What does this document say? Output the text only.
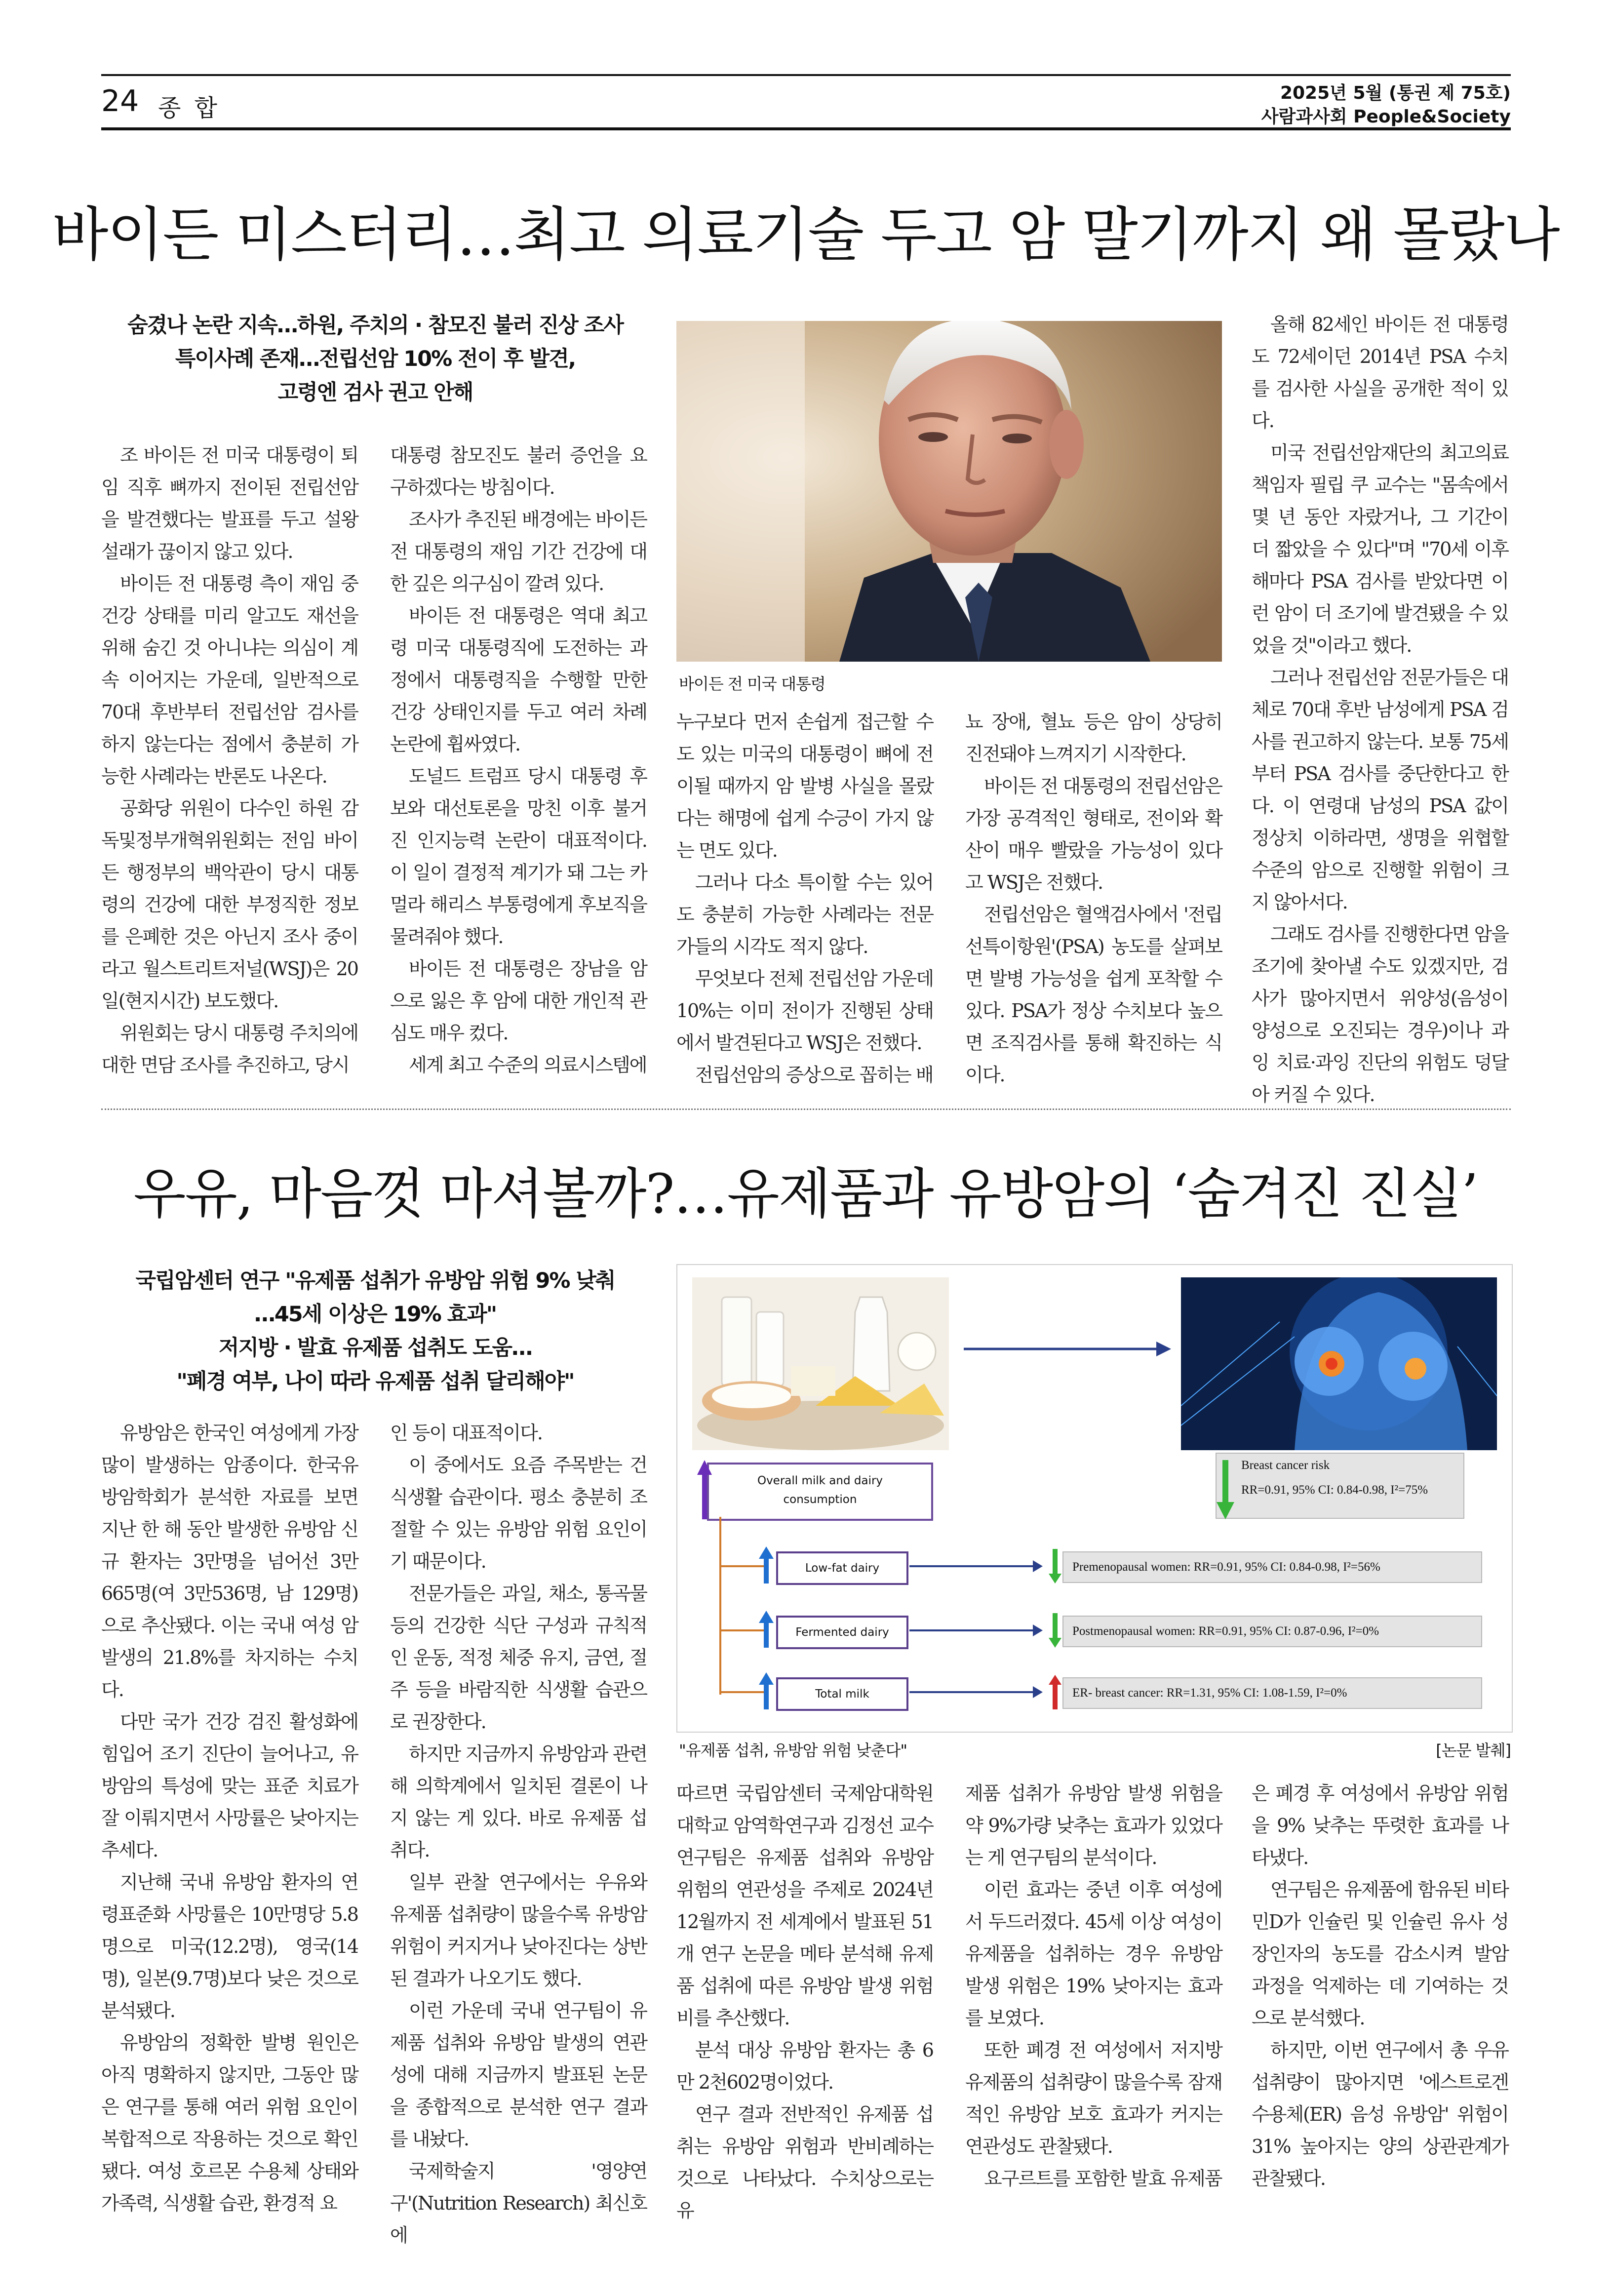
24 종 합
2025년 5월 (통권 제 75호)
사람과사회 People&Society
바이든 미스터리…최고 의료기술 두고 암 말기까지 왜 몰랐나
숨겼나 논란 지속…하원, 주치의 · 참모진 불러 진상 조사
특이사례 존재…전립선암 10% 전이 후 발견,
고령엔 검사 권고 안해
바이든 전 미국 대통령

조 바이든 전 미국 대통령이 퇴임 직후 뼈까지 전이된 전립선암을 발견했다는 발표를 두고 설왕설래가 끊이지 않고 있다.

바이든 전 대통령 측이 재임 중 건강 상태를 미리 알고도 재선을 위해 숨긴 것 아니냐는 의심이 계속 이어지는 가운데, 일반적으로 70대 후반부터 전립선암 검사를 하지 않는다는 점에서 충분히 가능한 사례라는 반론도 나온다.

공화당 위원이 다수인 하원 감독및정부개혁위원회는 전임 바이든 행정부의 백악관이 당시 대통령의 건강에 대한 부정직한 정보를 은폐한 것은 아닌지 조사 중이라고 월스트리트저널(WSJ)은 20일(현지시간) 보도했다.

위원회는 당시 대통령 주치의에 대한 면담 조사를 추진하고, 당시

대통령 참모진도 불러 증언을 요구하겠다는 방침이다.

조사가 추진된 배경에는 바이든 전 대통령의 재임 기간 건강에 대한 깊은 의구심이 깔려 있다.

바이든 전 대통령은 역대 최고령 미국 대통령직에 도전하는 과정에서 대통령직을 수행할 만한 건강 상태인지를 두고 여러 차례 논란에 휩싸였다.

도널드 트럼프 당시 대통령 후보와 대선토론을 망친 이후 불거진 인지능력 논란이 대표적이다. 이 일이 결정적 계기가 돼 그는 카멀라 해리스 부통령에게 후보직을 물려줘야 했다.

바이든 전 대통령은 장남을 암으로 잃은 후 암에 대한 개인적 관심도 매우 컸다.

세계 최고 수준의 의료시스템에

누구보다 먼저 손쉽게 접근할 수도 있는 미국의 대통령이 뼈에 전이될 때까지 암 발병 사실을 몰랐다는 해명에 쉽게 수긍이 가지 않는 면도 있다.

그러나 다소 특이할 수는 있어도 충분히 가능한 사례라는 전문가들의 시각도 적지 않다.

무엇보다 전체 전립선암 가운데 10%는 이미 전이가 진행된 상태에서 발견된다고 WSJ은 전했다.

전립선암의 증상으로 꼽히는 배

뇨 장애, 혈뇨 등은 암이 상당히 진전돼야 느껴지기 시작한다.

바이든 전 대통령의 전립선암은 가장 공격적인 형태로, 전이와 확산이 매우 빨랐을 가능성이 있다고 WSJ은 전했다.

전립선암은 혈액검사에서 '전립선특이항원'(PSA) 농도를 살펴보면 발병 가능성을 쉽게 포착할 수 있다. PSA가 정상 수치보다 높으면 조직검사를 통해 확진하는 식이다.

올해 82세인 바이든 전 대통령도 72세이던 2014년 PSA 수치를 검사한 사실을 공개한 적이 있다.

미국 전립선암재단의 최고의료책임자 필립 쿠 교수는 "몸속에서 몇 년 동안 자랐거나, 그 기간이 더 짧았을 수 있다"며 "70세 이후 해마다 PSA 검사를 받았다면 이런 암이 더 조기에 발견됐을 수 있었을 것"이라고 했다.

그러나 전립선암 전문가들은 대체로 70대 후반 남성에게 PSA 검사를 권고하지 않는다. 보통 75세부터 PSA 검사를 중단한다고 한다. 이 연령대 남성의 PSA 값이 정상치 이하라면, 생명을 위협할 수준의 암으로 진행할 위험이 크지 않아서다.

그래도 검사를 진행한다면 암을 조기에 찾아낼 수도 있겠지만, 검사가 많아지면서 위양성(음성이 양성으로 오진되는 경우)이나 과잉 치료·과잉 진단의 위험도 덩달아 커질 수 있다.

우유, 마음껏 마셔볼까?…유제품과 유방암의 ‘숨겨진 진실’
국립암센터 연구 "유제품 섭취가 유방암 위험 9% 낮춰
…45세 이상은 19% 효과"
저지방 · 발효 유제품 섭취도 도움…
"폐경 여부, 나이 따라 유제품 섭취 달리해야"
Overall milk and dairy consumption
Low-fat dairy
Fermented dairy
Total milk
Breast cancer risk
RR=0.91, 95% CI: 0.84-0.98, I²=75%
Premenopausal women: RR=0.91, 95% CI: 0.84-0.98, I²=56%
Postmenopausal women: RR=0.91, 95% CI: 0.87-0.96, I²=0%
ER- breast cancer: RR=1.31, 95% CI: 1.08-1.59, I²=0%
"유제품 섭취, 유방암 위험 낮춘다"	[논문 발췌]

유방암은 한국인 여성에게 가장 많이 발생하는 암종이다. 한국유방암학회가 분석한 자료를 보면 지난 한 해 동안 발생한 유방암 신규 환자는 3만명을 넘어선 3만665명(여 3만536명, 남 129명)으로 추산됐다. 이는 국내 여성 암 발생의 21.8%를 차지하는 수치다.

다만 국가 건강 검진 활성화에 힘입어 조기 진단이 늘어나고, 유방암의 특성에 맞는 표준 치료가 잘 이뤄지면서 사망률은 낮아지는 추세다.

지난해 국내 유방암 환자의 연령표준화 사망률은 10만명당 5.8명으로 미국(12.2명), 영국(14명), 일본(9.7명)보다 낮은 것으로 분석됐다.

유방암의 정확한 발병 원인은 아직 명확하지 않지만, 그동안 많은 연구를 통해 여러 위험 요인이 복합적으로 작용하는 것으로 확인됐다. 여성 호르몬 수용체 상태와 가족력, 식생활 습관, 환경적 요

인 등이 대표적이다.

이 중에서도 요즘 주목받는 건 식생활 습관이다. 평소 충분히 조절할 수 있는 유방암 위험 요인이기 때문이다.

전문가들은 과일, 채소, 통곡물 등의 건강한 식단 구성과 규칙적인 운동, 적정 체중 유지, 금연, 절주 등을 바람직한 식생활 습관으로 권장한다.

하지만 지금까지 유방암과 관련해 의학계에서 일치된 결론이 나지 않는 게 있다. 바로 유제품 섭취다.

일부 관찰 연구에서는 우유와 유제품 섭취량이 많을수록 유방암 위험이 커지거나 낮아진다는 상반된 결과가 나오기도 했다.

이런 가운데 국내 연구팀이 유제품 섭취와 유방암 발생의 연관성에 대해 지금까지 발표된 논문을 종합적으로 분석한 연구 결과를 내놨다.

국제학술지 '영양연구'(Nutrition Research) 최신호에

따르면 국립암센터 국제암대학원대학교 암역학연구과 김정선 교수 연구팀은 유제품 섭취와 유방암 위험의 연관성을 주제로 2024년 12월까지 전 세계에서 발표된 51개 연구 논문을 메타 분석해 유제품 섭취에 따른 유방암 발생 위험비를 추산했다.

분석 대상 유방암 환자는 총 6만 2천602명이었다.

연구 결과 전반적인 유제품 섭취는 유방암 위험과 반비례하는 것으로 나타났다. 수치상으로는 유

제품 섭취가 유방암 발생 위험을 약 9%가량 낮추는 효과가 있었다는 게 연구팀의 분석이다.

이런 효과는 중년 이후 여성에서 두드러졌다. 45세 이상 여성이 유제품을 섭취하는 경우 유방암 발생 위험은 19% 낮아지는 효과를 보였다.

또한 폐경 전 여성에서 저지방 유제품의 섭취량이 많을수록 잠재적인 유방암 보호 효과가 커지는 연관성도 관찰됐다.

요구르트를 포함한 발효 유제품

은 폐경 후 여성에서 유방암 위험을 9% 낮추는 뚜렷한 효과를 나타냈다.

연구팀은 유제품에 함유된 비타민D가 인슐린 및 인슐린 유사 성장인자의 농도를 감소시켜 발암 과정을 억제하는 데 기여하는 것으로 분석했다.

하지만, 이번 연구에서 총 우유 섭취량이 많아지면 '에스트로겐 수용체(ER) 음성 유방암' 위험이 31% 높아지는 양의 상관관계가 관찰됐다.
